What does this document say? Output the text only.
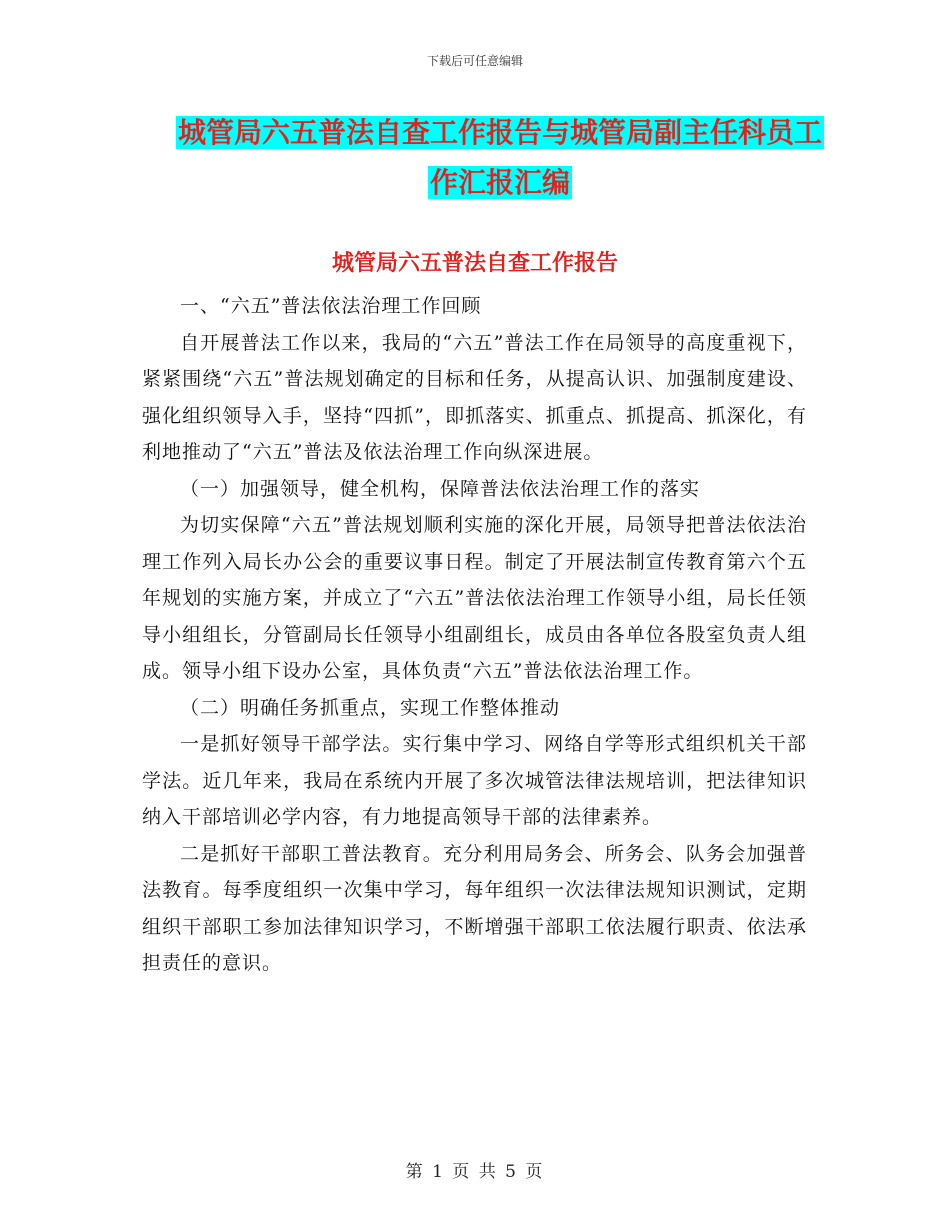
下载后可任意编辑
城管局六五普法自查工作报告与城管局副主任科员工
作汇报汇编
城管局六五普法自查工作报告

一、“六五”普法依法治理工作回顾

自开展普法工作以来，我局的“六五”普法工作在局领导的高度重视下，紧紧围绕“六五”普法规划确定的目标和任务，从提高认识、加强制度建设、强化组织领导入手，坚持“四抓”，即抓落实、抓重点、抓提高、抓深化，有利地推动了“六五”普法及依法治理工作向纵深进展。

（一）加强领导，健全机构，保障普法依法治理工作的落实

为切实保障“六五”普法规划顺利实施的深化开展，局领导把普法依法治理工作列入局长办公会的重要议事日程。制定了开展法制宣传教育第六个五年规划的实施方案，并成立了“六五”普法依法治理工作领导小组，局长任领导小组组长，分管副局长任领导小组副组长，成员由各单位各股室负责人组成。领导小组下设办公室，具体负责“六五”普法依法治理工作。

（二）明确任务抓重点，实现工作整体推动

一是抓好领导干部学法。实行集中学习、网络自学等形式组织机关干部学法。近几年来，我局在系统内开展了多次城管法律法规培训，把法律知识纳入干部培训必学内容，有力地提高领导干部的法律素养。

二是抓好干部职工普法教育。充分利用局务会、所务会、队务会加强普法教育。每季度组织一次集中学习，每年组织一次法律法规知识测试，定期组织干部职工参加法律知识学习，不断增强干部职工依法履行职责、依法承担责任的意识。

第 1 页 共 5 页
